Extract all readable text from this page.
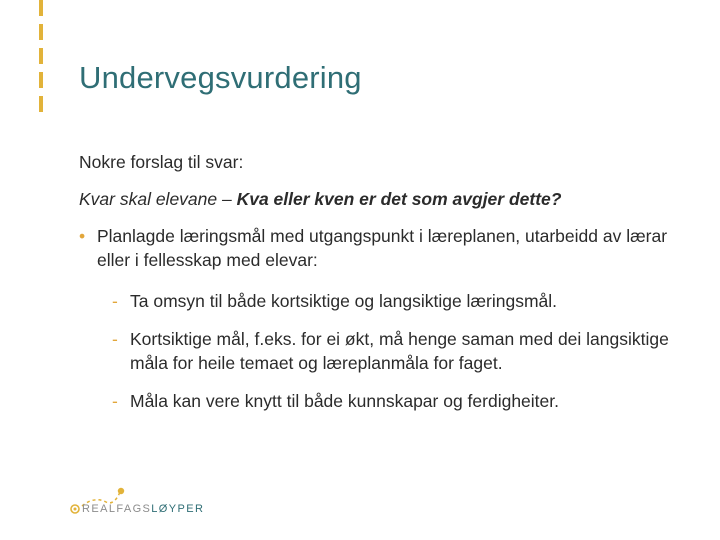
Undervegsvurdering

Nokre forslag til svar:

Kvar skal elevane – Kva eller kven er det som avgjer dette?

• Planlagde læringsmål med utgangspunkt i læreplanen, utarbeidd av lærar eller i fellesskap med elevar:
- Ta omsyn til både kortsiktige og langsiktige læringsmål.
- Kortsiktige mål, f.eks. for ei økt, må henge saman med dei langsiktige måla for heile temaet og læreplanmåla for faget.
- Måla kan vere knytt til både kunnskapar og ferdigheiter.
REALFAGSLØYPER
